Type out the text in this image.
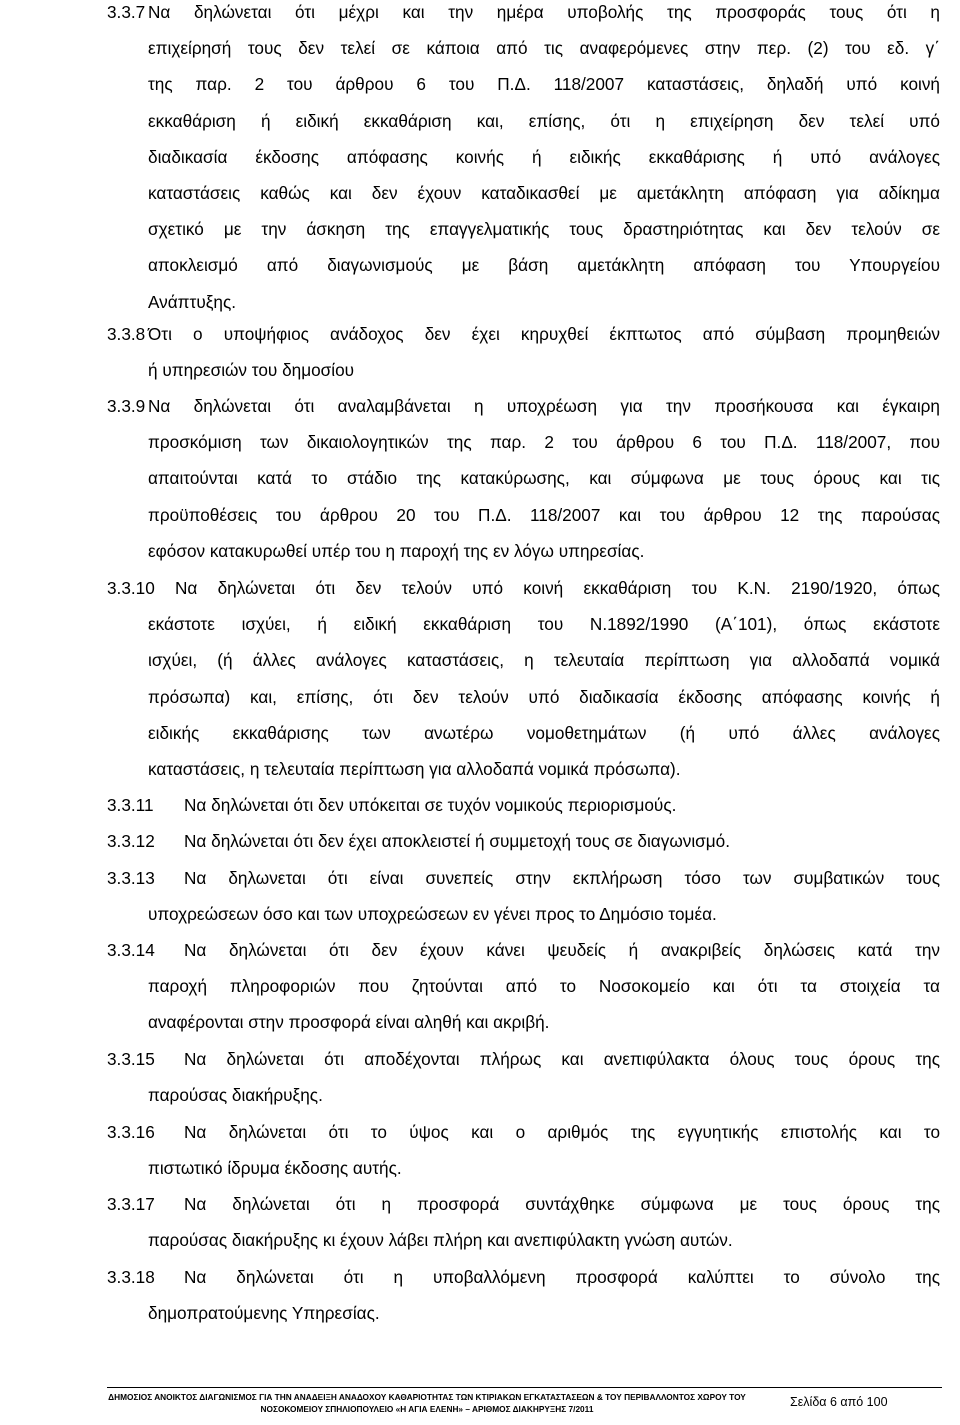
3.3.7 Να δηλώνεται ότι μέχρι και την ημέρα υποβολής της προσφοράς τους ότι η
επιχείρησή τους δεν τελεί σε κάποια από τις αναφερόμενες στην περ. (2) του εδ. γ΄
της παρ. 2 του άρθρου 6 του Π.Δ. 118/2007 καταστάσεις, δηλαδή υπό κοινή
εκκαθάριση ή ειδική εκκαθάριση και, επίσης, ότι η επιχείρηση δεν τελεί υπό
διαδικασία έκδοσης απόφασης κοινής ή ειδικής εκκαθάρισης ή υπό ανάλογες
καταστάσεις καθώς και δεν έχουν καταδικασθεί με αμετάκλητη απόφαση για αδίκημα
σχετικό με την άσκηση της επαγγελματικής τους δραστηριότητας και δεν τελούν σε
αποκλεισμό από διαγωνισμούς με βάση αμετάκλητη απόφαση του Υπουργείου
Ανάπτυξης.
3.3.8 Ότι ο υποψήφιος ανάδοχος δεν έχει κηρυχθεί έκπτωτος από σύμβαση προμηθειών
ή υπηρεσιών του δημοσίου
3.3.9 Να δηλώνεται ότι αναλαμβάνεται η υποχρέωση για την προσήκουσα και έγκαιρη
προσκόμιση των δικαιολογητικών της παρ. 2 του άρθρου 6 του Π.Δ. 118/2007, που
απαιτούνται κατά το στάδιο της κατακύρωσης, και σύμφωνα με τους όρους και τις
προϋποθέσεις του άρθρου 20 του Π.Δ. 118/2007 και του άρθρου 12 της παρούσας
εφόσον κατακυρωθεί υπέρ του η παροχή της εν λόγω υπηρεσίας.
3.3.10 Να δηλώνεται ότι δεν τελούν υπό κοινή εκκαθάριση του Κ.Ν. 2190/1920, όπως
εκάστοτε ισχύει, ή ειδική εκκαθάριση του Ν.1892/1990 (Α΄101), όπως εκάστοτε
ισχύει, (ή άλλες ανάλογες καταστάσεις, η τελευταία περίπτωση για αλλοδαπά νομικά
πρόσωπα) και, επίσης, ότι δεν τελούν υπό διαδικασία έκδοσης απόφασης κοινής ή
ειδικής εκκαθάρισης των ανωτέρω νομοθετημάτων (ή υπό άλλες ανάλογες
καταστάσεις, η τελευταία περίπτωση για αλλοδαπά νομικά πρόσωπα).
3.3.11 Να δηλώνεται ότι δεν υπόκειται σε τυχόν νομικούς περιορισμούς.
3.3.12 Να δηλώνεται ότι δεν έχει αποκλειστεί ή συμμετοχή τους σε διαγωνισμό.
3.3.13 Να δηλωνεται ότι είναι συνεπείς στην εκπλήρωση τόσο των συμβατικών τους
υποχρεώσεων όσο και των υποχρεώσεων εν γένει προς το Δημόσιο τομέα.
3.3.14 Να δηλώνεται ότι δεν έχουν κάνει ψευδείς ή ανακριβείς δηλώσεις κατά την
παροχή πληροφοριών που ζητούνται από το Νοσοκομείο και ότι τα στοιχεία τα
αναφέρονται στην προσφορά είναι αληθή και ακριβή.
3.3.15 Να δηλώνεται ότι αποδέχονται πλήρως και ανεπιφύλακτα όλους τους όρους της
παρούσας διακήρυξης.
3.3.16 Να δηλώνεται ότι το ύψος και ο αριθμός της εγγυητικής επιστολής και το
πιστωτικό ίδρυμα έκδοσης αυτής.
3.3.17 Να δηλώνεται ότι η προσφορά συντάχθηκε σύμφωνα με τους όρους της
παρούσας διακήρυξης κι έχουν λάβει πλήρη και ανεπιφύλακτη γνώση αυτών.
3.3.18 Να δηλώνεται ότι η υποβαλλόμενη προσφορά καλύπτει το σύνολο της
δημοπρατούμενης Υπηρεσίας.
ΔΗΜΟΣΙΟΣ ΑΝΟΙΚΤΟΣ ΔΙΑΓΩΝΙΣΜΟΣ ΓΙΑ ΤΗΝ ΑΝΑΔΕΙΞΗ ΑΝΑΔΟΧΟΥ ΚΑΘΑΡΙΟΤΗΤΑΣ ΤΩΝ ΚΤΙΡΙΑΚΩΝ ΕΓΚΑΤΑΣΤΑΣΕΩΝ & ΤΟΥ ΠΕΡΙΒΑΛΛΟΝΤΟΣ ΧΩΡΟΥ ΤΟΥ
ΝΟΣΟΚΟΜΕΙΟΥ ΣΠΗΛΙΟΠΟΥΛΕΙΟ «Η ΑΓΙΑ ΕΛΕΝΗ» – ΑΡΙΘΜΟΣ ΔΙΑΚΗΡΥΞΗΣ 7/2011	Σελίδα 6 από 100
